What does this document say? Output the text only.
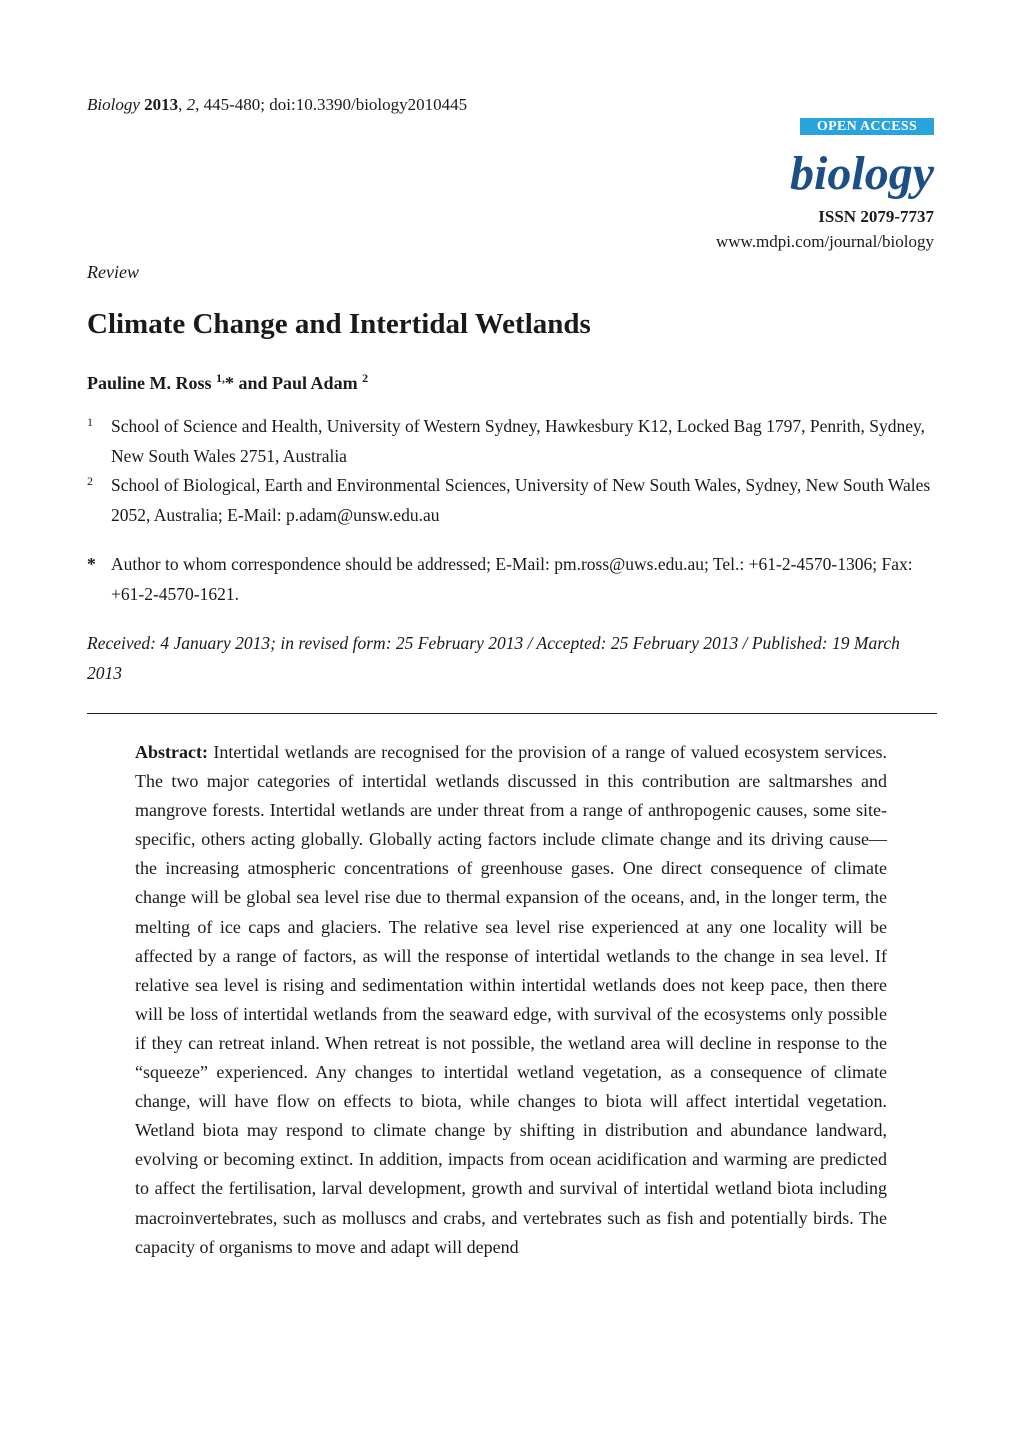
Biology 2013, 2, 445-480; doi:10.3390/biology2010445
OPEN ACCESS
biology
ISSN 2079-7737
www.mdpi.com/journal/biology
Review
Climate Change and Intertidal Wetlands
Pauline M. Ross $^{1,}$* and Paul Adam $^2$
1 School of Science and Health, University of Western Sydney, Hawkesbury K12, Locked Bag 1797, Penrith, Sydney, New South Wales 2751, Australia
2 School of Biological, Earth and Environmental Sciences, University of New South Wales, Sydney, New South Wales 2052, Australia; E-Mail: p.adam@unsw.edu.au
* Author to whom correspondence should be addressed; E-Mail: pm.ross@uws.edu.au; Tel.: +61-2-4570-1306; Fax: +61-2-4570-1621.
Received: 4 January 2013; in revised form: 25 February 2013 / Accepted: 25 February 2013 / Published: 19 March 2013

Abstract: Intertidal wetlands are recognised for the provision of a range of valued ecosystem services. The two major categories of intertidal wetlands discussed in this contribution are saltmarshes and mangrove forests. Intertidal wetlands are under threat from a range of anthropogenic causes, some site-specific, others acting globally. Globally acting factors include climate change and its driving cause—the increasing atmospheric concentrations of greenhouse gases. One direct consequence of climate change will be global sea level rise due to thermal expansion of the oceans, and, in the longer term, the melting of ice caps and glaciers. The relative sea level rise experienced at any one locality will be affected by a range of factors, as will the response of intertidal wetlands to the change in sea level. If relative sea level is rising and sedimentation within intertidal wetlands does not keep pace, then there will be loss of intertidal wetlands from the seaward edge, with survival of the ecosystems only possible if they can retreat inland. When retreat is not possible, the wetland area will decline in response to the “squeeze” experienced. Any changes to intertidal wetland vegetation, as a consequence of climate change, will have flow on effects to biota, while changes to biota will affect intertidal vegetation. Wetland biota may respond to climate change by shifting in distribution and abundance landward, evolving or becoming extinct. In addition, impacts from ocean acidification and warming are predicted to affect the fertilisation, larval development, growth and survival of intertidal wetland biota including macroinvertebrates, such as molluscs and crabs, and vertebrates such as fish and potentially birds. The capacity of organisms to move and adapt will depend
